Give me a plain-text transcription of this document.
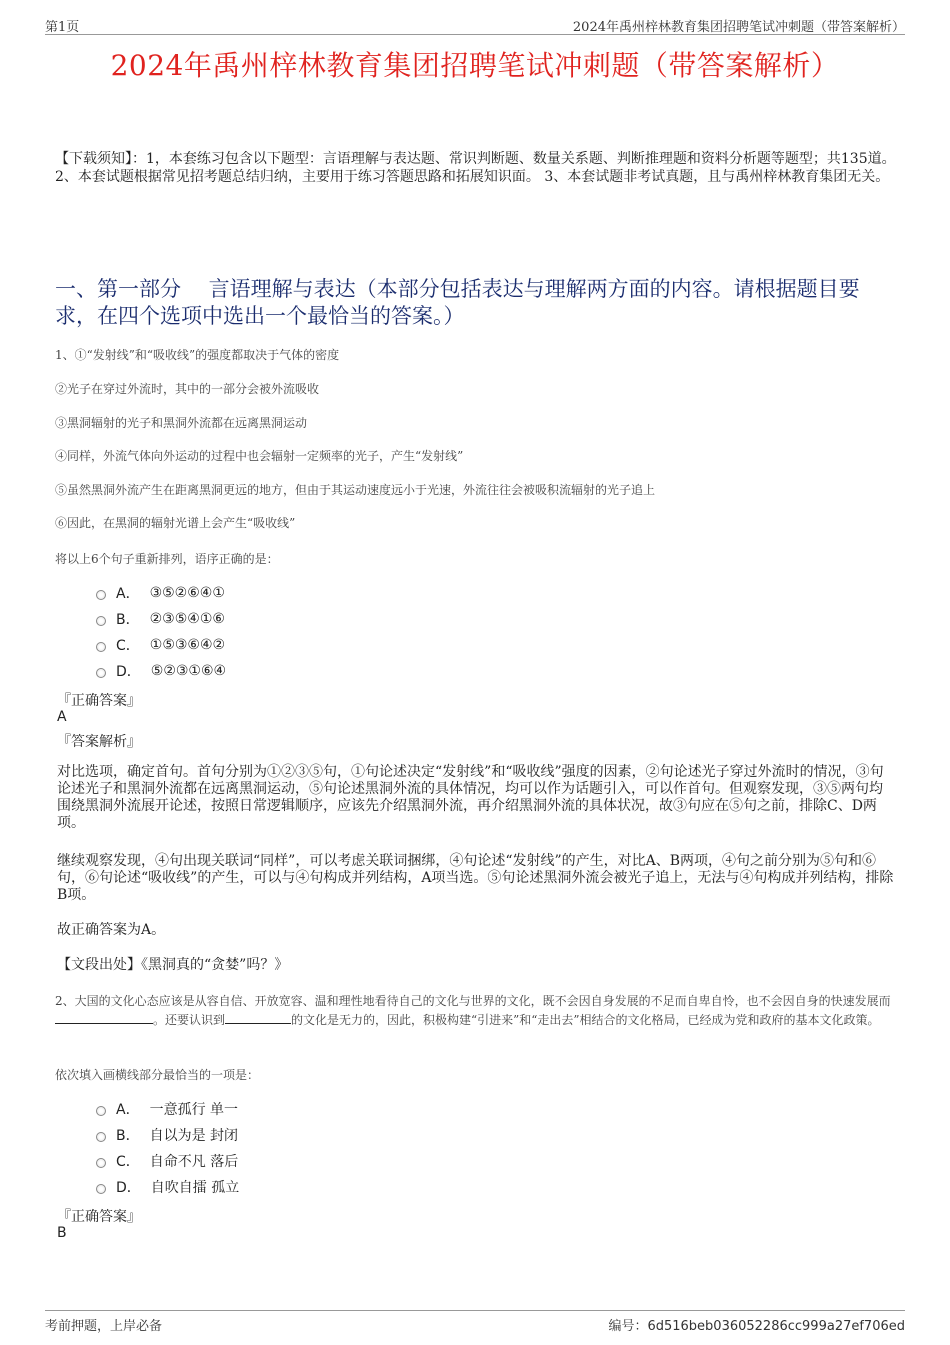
第1页	2024年禹州梓林教育集团招聘笔试冲刺题（带答案解析）
2024年禹州梓林教育集团招聘笔试冲刺题（带答案解析）
【下载须知】：1，本套练习包含以下题型：言语理解与表达题、常识判断题、数量关系题、判断推理题和资料分析题等题型；共135道。 2、本套试题根据常见招考题总结归纳，主要用于练习答题思路和拓展知识面。 3、本套试题非考试真题，且与禹州梓林教育集团无关。
一、第一部分　 言语理解与表达（本部分包括表达与理解两方面的内容。请根据题目要求，在四个选项中选出一个最恰当的答案。）
1、①“发射线”和“吸收线”的强度都取决于气体的密度
②光子在穿过外流时，其中的一部分会被外流吸收
③黑洞辐射的光子和黑洞外流都在远离黑洞运动
④同样，外流气体向外运动的过程中也会辐射一定频率的光子，产生“发射线”
⑤虽然黑洞外流产生在距离黑洞更远的地方，但由于其运动速度远小于光速，外流往往会被吸积流辐射的光子追上
⑥因此，在黑洞的辐射光谱上会产生“吸收线”
将以上6个句子重新排列，语序正确的是：
A． ③⑤②⑥④①
B． ②③⑤④①⑥
C． ①⑤③⑥④②
D． ⑤②③①⑥④
『正确答案』
A
『答案解析』
对比选项，确定首句。首句分别为①②③⑤句，①句论述决定“发射线”和“吸收线”强度的因素，②句论述光子穿过外流时的情况，③句论述光子和黑洞外流都在远离黑洞运动，⑤句论述黑洞外流的具体情况，均可以作为话题引入，可以作首句。但观察发现，③⑤两句均围绕黑洞外流展开论述，按照日常逻辑顺序，应该先介绍黑洞外流，再介绍黑洞外流的具体状况，故③句应在⑤句之前，排除C、D两项。
继续观察发现，④句出现关联词“同样”，可以考虑关联词捆绑，④句论述“发射线”的产生，对比A、B两项，④句之前分别为⑤句和⑥句，⑥句论述“吸收线”的产生，可以与④句构成并列结构，A项当选。⑤句论述黑洞外流会被光子追上，无法与④句构成并列结构，排除B项。
故正确答案为A。
【文段出处】《黑洞真的“贪婪”吗？》
2、大国的文化心态应该是从容自信、开放宽容、温和理性地看待自己的文化与世界的文化，既不会因自身发展的不足而自卑自怜，也不会因自身的快速发展而。还要认识到	的文化是无力的，因此，积极构建“引进来”和“走出去”相结合的文化格局，已经成为党和政府的基本文化政策。
依次填入画横线部分最恰当的一项是：
A． 一意孤行 单一
B． 自以为是 封闭
C． 自命不凡 落后
D． 自吹自擂 孤立
『正确答案』
B
考前押题，上岸必备	编号：6d516beb036052286cc999a27ef706ed
